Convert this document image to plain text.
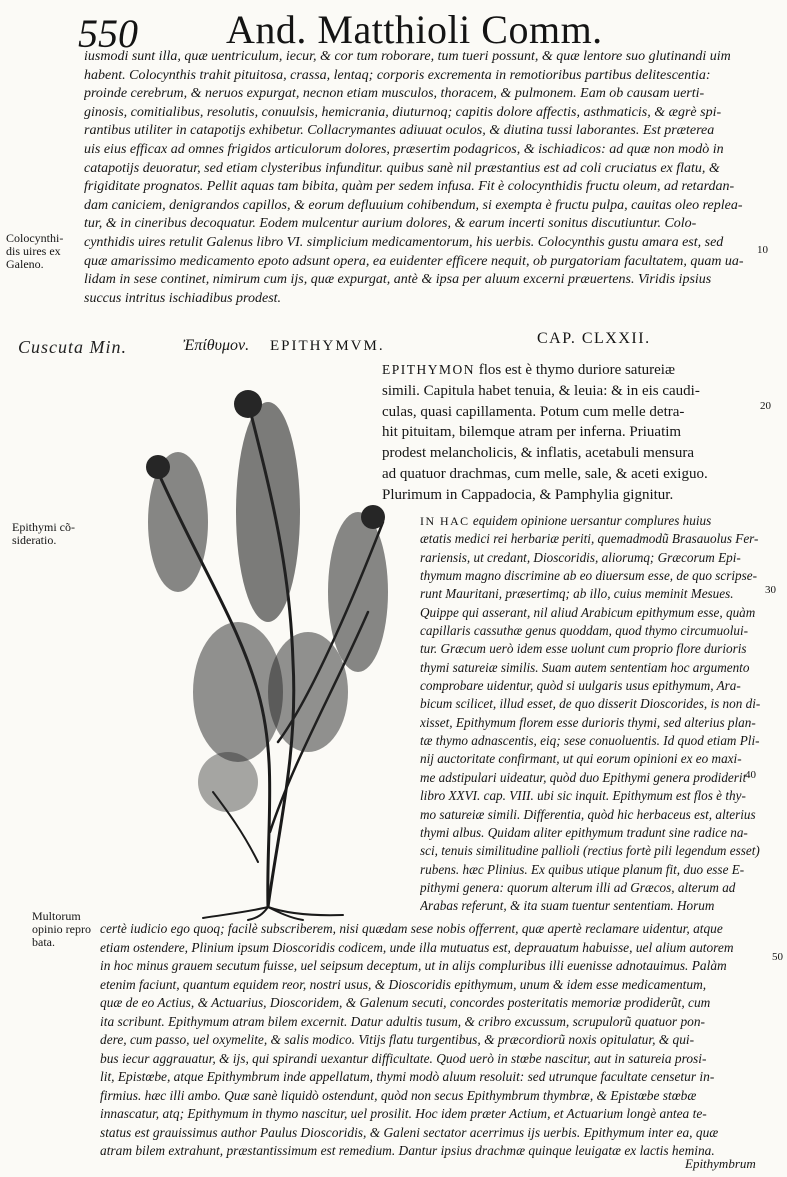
550 And. Matthioli Comm.
iusmodi sunt illa, quæ uentriculum, iecur, & cor tum roborare, tum tueri possunt, & quæ lentore suo glutinandi uim
habent. Colocynthis trahit pituitosa, crassa, lentaq; corporis excrementa in remotioribus partibus delitescentia:
proinde cerebrum, & neruos expurgat, necnon etiam musculos, thoracem, & pulmonem. Eam ob causam uerti-
ginosis, comitialibus, resolutis, conuulsis, hemicrania, diuturnoq; capitis dolore affectis, asthmaticis, & ægrè spi-
rantibus utiliter in catapotijs exhibetur. Collacrymantes adiuuat oculos, & diutina tussi laborantes. Est præterea
uis eius efficax ad omnes frigidos articulorum dolores, præsertim podagricos, & ischiadicos: ad quæ non modò in
catapotijs deuoratur, sed etiam clysteribus infunditur. quibus sanè nil præstantius est ad coli cruciatus ex flatu, &
frigiditate prognatos. Pellit aquas tam bibita, quàm per sedem infusa. Fit è colocynthidis fructu oleum, ad retardan-
dam caniciem, denigrandos capillos, & eorum defluuium cohibendum, si exempta è fructu pulpa, cauitas oleo replea-
tur, & in cineribus decoquatur. Eodem mulcentur aurium dolores, & earum incerti sonitus discutiuntur. Colo-
cynthidis uires retulit Galenus libro VI. simplicium medicamentorum, his uerbis. Colocynthis gustu amara est, sed
quæ amarissimo medicamento epoto adsunt opera, ea euidenter efficere nequit, ob purgatoriam facultatem, quam ua-
lidam in sese continet, nimirum cum ijs, quæ expurgat, antè & ipsa per aluum excerni præuertens. Viridis ipsius
succus intritus ischiadibus prodest.
Colocynthi-
dis uires ex
Galeno.
Epithymi cõ-
sideratio.
Multorum
opinio repro
bata.
10
20
30
40
50
Cuscuta Min.	Ἐπίθυμον. EPITHYMVM.	CAP. CLXXII.
EPITHYMON flos est è thymo duriore satureiæ
simili. Capitula habet tenuia, & leuia: & in eis caudi-
culas, quasi capillamenta. Potum cum melle detra-
hit pituitam, bilemque atram per inferna. Priuatim
prodest melancholicis, & inflatis, acetabuli mensura
ad quatuor drachmas, cum melle, sale, & aceti exiguo.
Plurimum in Cappadocia, & Pamphylia gignitur.
IN HAC equidem opinione uersantur complures huius
ætatis medici rei herbariæ periti, quemadmodũ Brasauolus Fer-
rariensis, ut credant, Dioscoridis, aliorumq; Græcorum Epi-
thymum magno discrimine ab eo diuersum esse, de quo scripse-
runt Mauritani, præsertimq; ab illo, cuius meminit Mesues.
Quippe qui asserant, nil aliud Arabicum epithymum esse, quàm
capillaris cassuthæ genus quoddam, quod thymo circumuolui-
tur. Græcum uerò idem esse uolunt cum proprio flore durioris
thymi satureiæ similis. Suam autem sententiam hoc argumento
comprobare uidentur, quòd si uulgaris usus epithymum, Ara-
bicum scilicet, illud esset, de quo disserit Dioscorides, is non di-
xisset, Epithymum florem esse durioris thymi, sed alterius plan-
tæ thymo adnascentis, eiq; sese conuoluentis. Id quod etiam Pli-
nij auctoritate confirmant, ut qui eorum opinioni ex eo maxi-
me adstipulari uideatur, quòd duo Epithymi genera prodiderit
libro XXVI. cap. VIII. ubi sic inquit. Epithymum est flos è thy-
mo satureiæ simili. Differentia, quòd hic herbaceus est, alterius
thymi albus. Quidam aliter epithymum tradunt sine radice na-
sci, tenuis similitudine pallioli (rectius fortè pili legendum esset)
rubens. hæc Plinius. Ex quibus utique planum fit, duo esse E-
pithymi genera: quorum alterum illi ad Græcos, alterum ad
Arabas referunt, & ita suam tuentur sententiam. Horum
certè iudicio ego quoq; facilè subscriberem, nisi quædam sese nobis offerrent, quæ apertè reclamare uidentur, atque
etiam ostendere, Plinium ipsum Dioscoridis codicem, unde illa mutuatus est, deprauatum habuisse, uel alium autorem
in hoc minus grauem secutum fuisse, uel seipsum deceptum, ut in alijs compluribus illi euenisse adnotauimus. Palàm
etenim faciunt, quantum equidem reor, nostri usus, & Dioscoridis epithymum, unum & idem esse medicamentum,
quæ de eo Actius, & Actuarius, Dioscoridem, & Galenum secuti, concordes posteritatis memoriæ prodiderũt, cum
ita scribunt. Epithymum atram bilem excernit. Datur adultis tusum, & cribro excussum, scrupulorũ quatuor pon-
dere, cum passo, uel oxymelite, & salis modico. Vitijs flatu turgentibus, & præcordiorũ noxis opitulatur, & qui-
bus iecur aggrauatur, & ijs, qui spirandi uexantur difficultate. Quod uerò in stœbe nascitur, aut in satureia prosi-
lit, Epistœbe, atque Epithymbrum inde appellatum, thymi modò aluum resoluit: sed utrunque facultate censetur in-
firmius. hæc illi ambo. Quæ sanè liquidò ostendunt, quòd non secus Epithymbrum thymbræ, & Epistœbe stœbæ
innascatur, atq; Epithymum in thymo nascitur, uel prosilit. Hoc idem præter Actium, et Actuarium longè antea te-
status est grauissimus author Paulus Dioscoridis, & Galeni sectator acerrimus ijs uerbis. Epithymum inter ea, quæ
atram bilem extrahunt, præstantissimum est remedium. Dantur ipsius drachmæ quinque leuigatæ ex lactis hemina.
Epithymbrum
